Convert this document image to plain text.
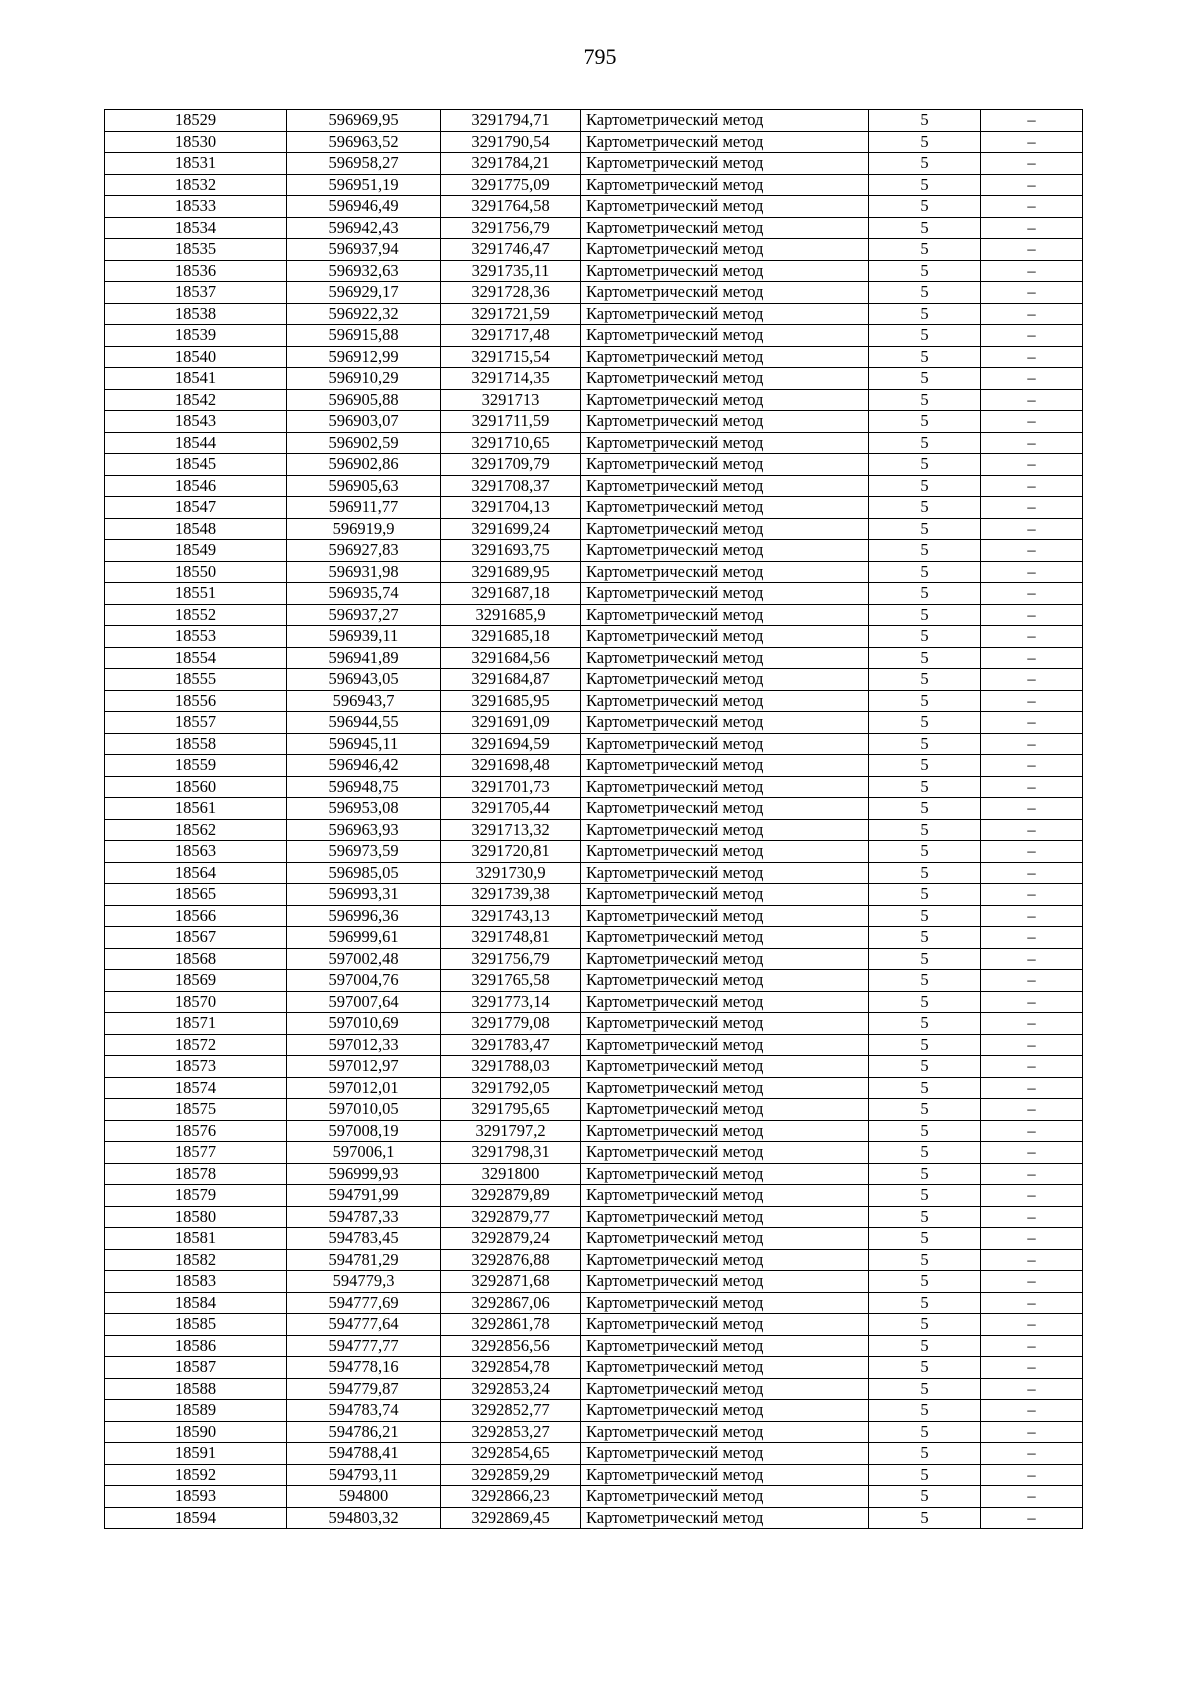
795
18529	596969,95	3291794,71	Картометрический метод	5	–
18530	596963,52	3291790,54	Картометрический метод	5	–
18531	596958,27	3291784,21	Картометрический метод	5	–
18532	596951,19	3291775,09	Картометрический метод	5	–
18533	596946,49	3291764,58	Картометрический метод	5	–
18534	596942,43	3291756,79	Картометрический метод	5	–
18535	596937,94	3291746,47	Картометрический метод	5	–
18536	596932,63	3291735,11	Картометрический метод	5	–
18537	596929,17	3291728,36	Картометрический метод	5	–
18538	596922,32	3291721,59	Картометрический метод	5	–
18539	596915,88	3291717,48	Картометрический метод	5	–
18540	596912,99	3291715,54	Картометрический метод	5	–
18541	596910,29	3291714,35	Картометрический метод	5	–
18542	596905,88	3291713	Картометрический метод	5	–
18543	596903,07	3291711,59	Картометрический метод	5	–
18544	596902,59	3291710,65	Картометрический метод	5	–
18545	596902,86	3291709,79	Картометрический метод	5	–
18546	596905,63	3291708,37	Картометрический метод	5	–
18547	596911,77	3291704,13	Картометрический метод	5	–
18548	596919,9	3291699,24	Картометрический метод	5	–
18549	596927,83	3291693,75	Картометрический метод	5	–
18550	596931,98	3291689,95	Картометрический метод	5	–
18551	596935,74	3291687,18	Картометрический метод	5	–
18552	596937,27	3291685,9	Картометрический метод	5	–
18553	596939,11	3291685,18	Картометрический метод	5	–
18554	596941,89	3291684,56	Картометрический метод	5	–
18555	596943,05	3291684,87	Картометрический метод	5	–
18556	596943,7	3291685,95	Картометрический метод	5	–
18557	596944,55	3291691,09	Картометрический метод	5	–
18558	596945,11	3291694,59	Картометрический метод	5	–
18559	596946,42	3291698,48	Картометрический метод	5	–
18560	596948,75	3291701,73	Картометрический метод	5	–
18561	596953,08	3291705,44	Картометрический метод	5	–
18562	596963,93	3291713,32	Картометрический метод	5	–
18563	596973,59	3291720,81	Картометрический метод	5	–
18564	596985,05	3291730,9	Картометрический метод	5	–
18565	596993,31	3291739,38	Картометрический метод	5	–
18566	596996,36	3291743,13	Картометрический метод	5	–
18567	596999,61	3291748,81	Картометрический метод	5	–
18568	597002,48	3291756,79	Картометрический метод	5	–
18569	597004,76	3291765,58	Картометрический метод	5	–
18570	597007,64	3291773,14	Картометрический метод	5	–
18571	597010,69	3291779,08	Картометрический метод	5	–
18572	597012,33	3291783,47	Картометрический метод	5	–
18573	597012,97	3291788,03	Картометрический метод	5	–
18574	597012,01	3291792,05	Картометрический метод	5	–
18575	597010,05	3291795,65	Картометрический метод	5	–
18576	597008,19	3291797,2	Картометрический метод	5	–
18577	597006,1	3291798,31	Картометрический метод	5	–
18578	596999,93	3291800	Картометрический метод	5	–
18579	594791,99	3292879,89	Картометрический метод	5	–
18580	594787,33	3292879,77	Картометрический метод	5	–
18581	594783,45	3292879,24	Картометрический метод	5	–
18582	594781,29	3292876,88	Картометрический метод	5	–
18583	594779,3	3292871,68	Картометрический метод	5	–
18584	594777,69	3292867,06	Картометрический метод	5	–
18585	594777,64	3292861,78	Картометрический метод	5	–
18586	594777,77	3292856,56	Картометрический метод	5	–
18587	594778,16	3292854,78	Картометрический метод	5	–
18588	594779,87	3292853,24	Картометрический метод	5	–
18589	594783,74	3292852,77	Картометрический метод	5	–
18590	594786,21	3292853,27	Картометрический метод	5	–
18591	594788,41	3292854,65	Картометрический метод	5	–
18592	594793,11	3292859,29	Картометрический метод	5	–
18593	594800	3292866,23	Картометрический метод	5	–
18594	594803,32	3292869,45	Картометрический метод	5	–
